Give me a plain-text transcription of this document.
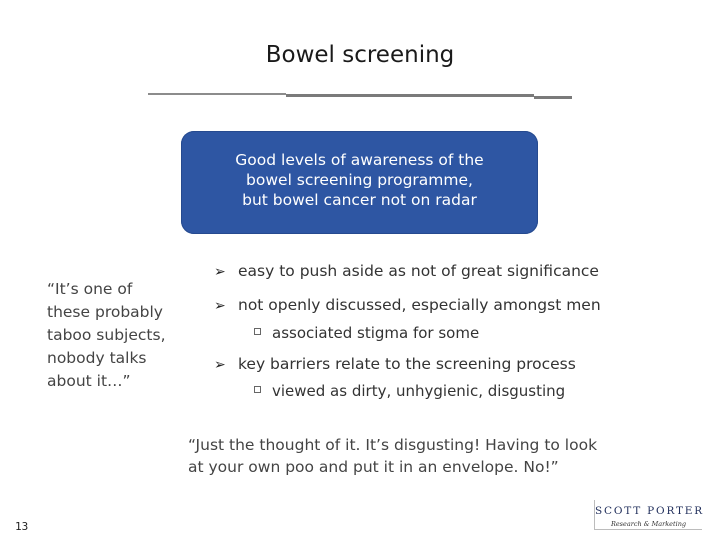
Bowel screening
Good levels of awareness of the
bowel screening programme,
but bowel cancer not on radar
“It’s one of
these probably
taboo subjects,
nobody talks
about it…”
➢ easy to push aside as not of great significance
➢ not openly discussed, especially amongst men
associated stigma for some
➢ key barriers relate to the screening process
viewed as dirty, unhygienic, disgusting
“Just the thought of it. It’s disgusting! Having to look
at your own poo and put it in an envelope. No!”
13
SCOTT PORTER
Research & Marketing
